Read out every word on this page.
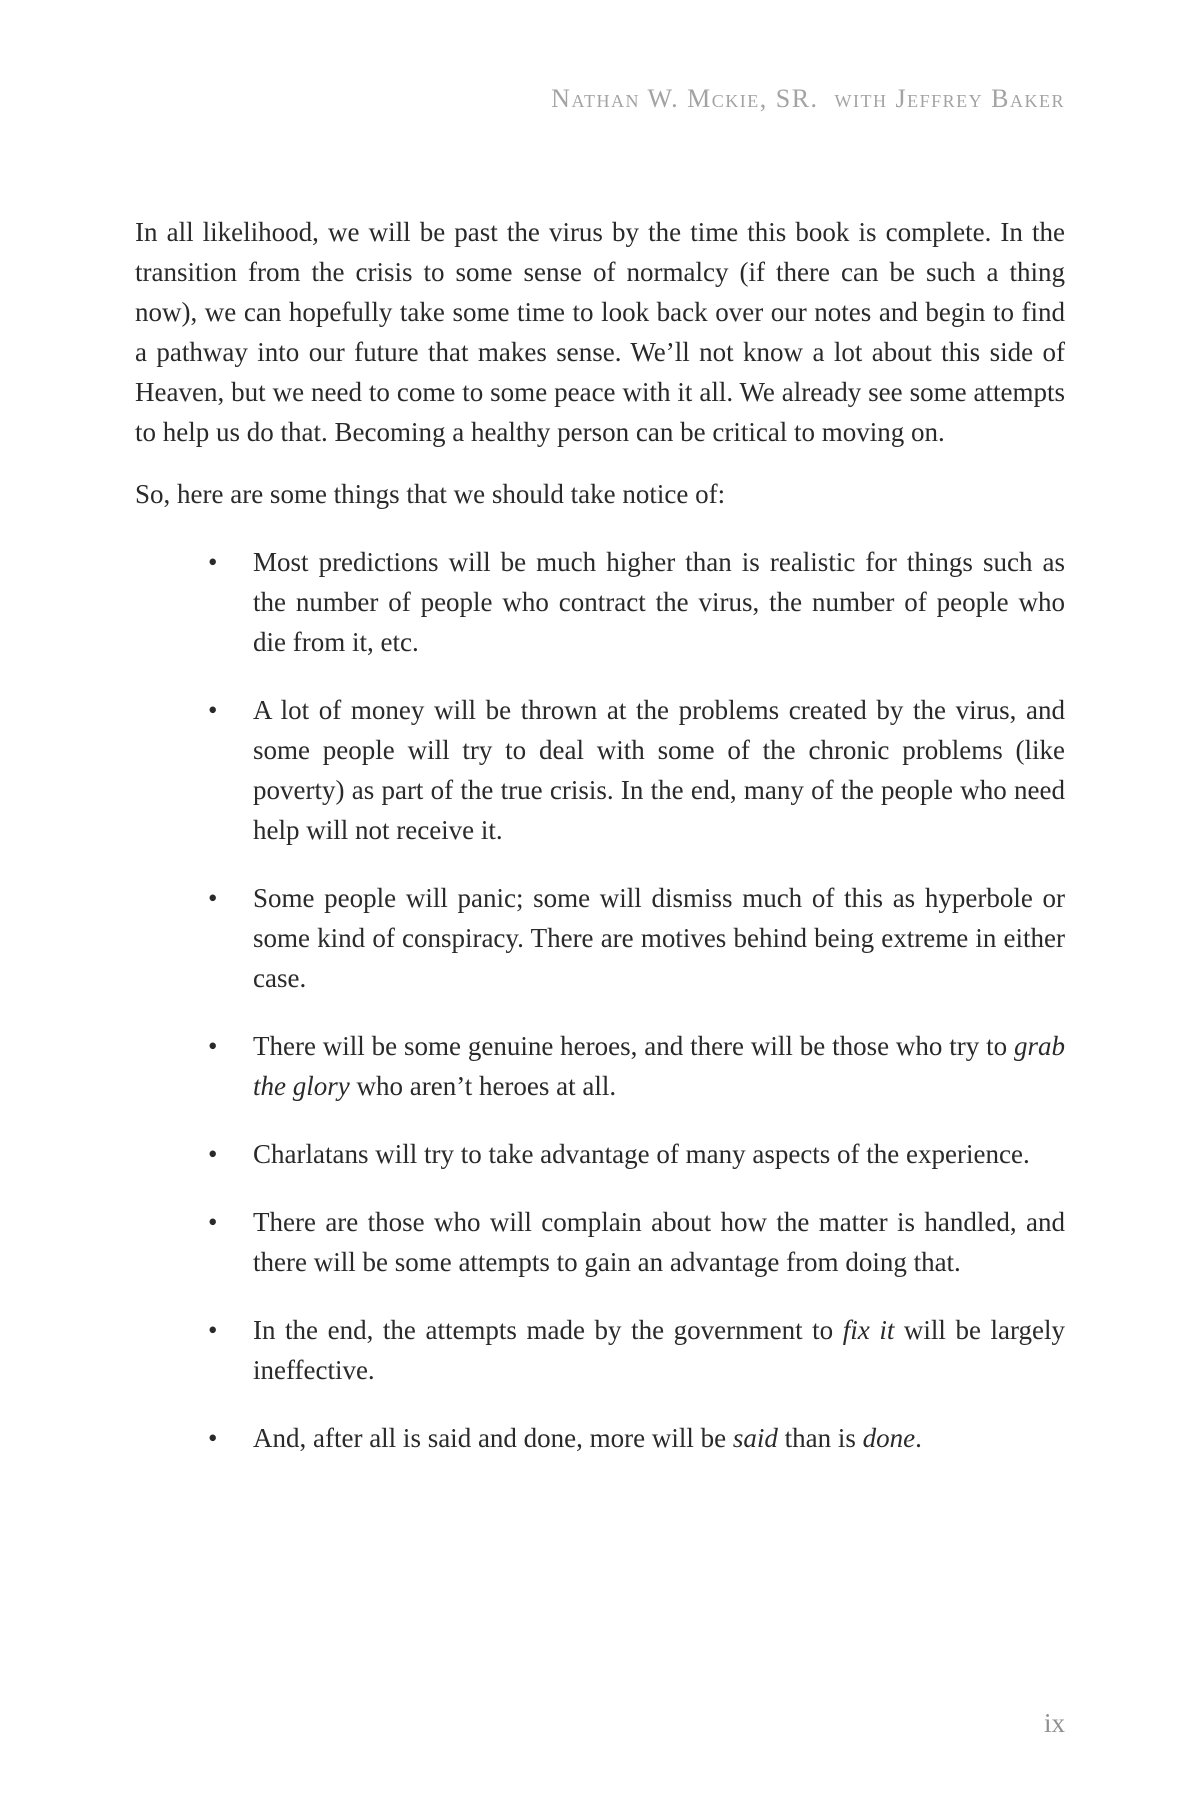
Nathan W. Mckie, SR.  with Jeffrey Baker

In all likelihood, we will be past the virus by the time this book is complete. In the transition from the crisis to some sense of normalcy (if there can be such a thing now), we can hopefully take some time to look back over our notes and begin to find a pathway into our future that makes sense. We’ll not know a lot about this side of Heaven, but we need to come to some peace with it all. We already see some attempts to help us do that. Becoming a healthy person can be critical to moving on.

So, here are some things that we should take notice of:

•	Most predictions will be much higher than is realistic for things such as the number of people who contract the virus, the number of people who die from it, etc.
•	A lot of money will be thrown at the problems created by the virus, and some people will try to deal with some of the chronic problems (like poverty) as part of the true crisis. In the end, many of the people who need help will not receive it.
•	Some people will panic; some will dismiss much of this as hyperbole or some kind of conspiracy. There are motives behind being extreme in either case.
•	There will be some genuine heroes, and there will be those who try to grab the glory who aren’t heroes at all.
•	Charlatans will try to take advantage of many aspects of the experience.
•	There are those who will complain about how the matter is handled, and there will be some attempts to gain an advantage from doing that.
•	In the end, the attempts made by the government to fix it will be largely ineffective.
•	And, after all is said and done, more will be said than is done.
ix
